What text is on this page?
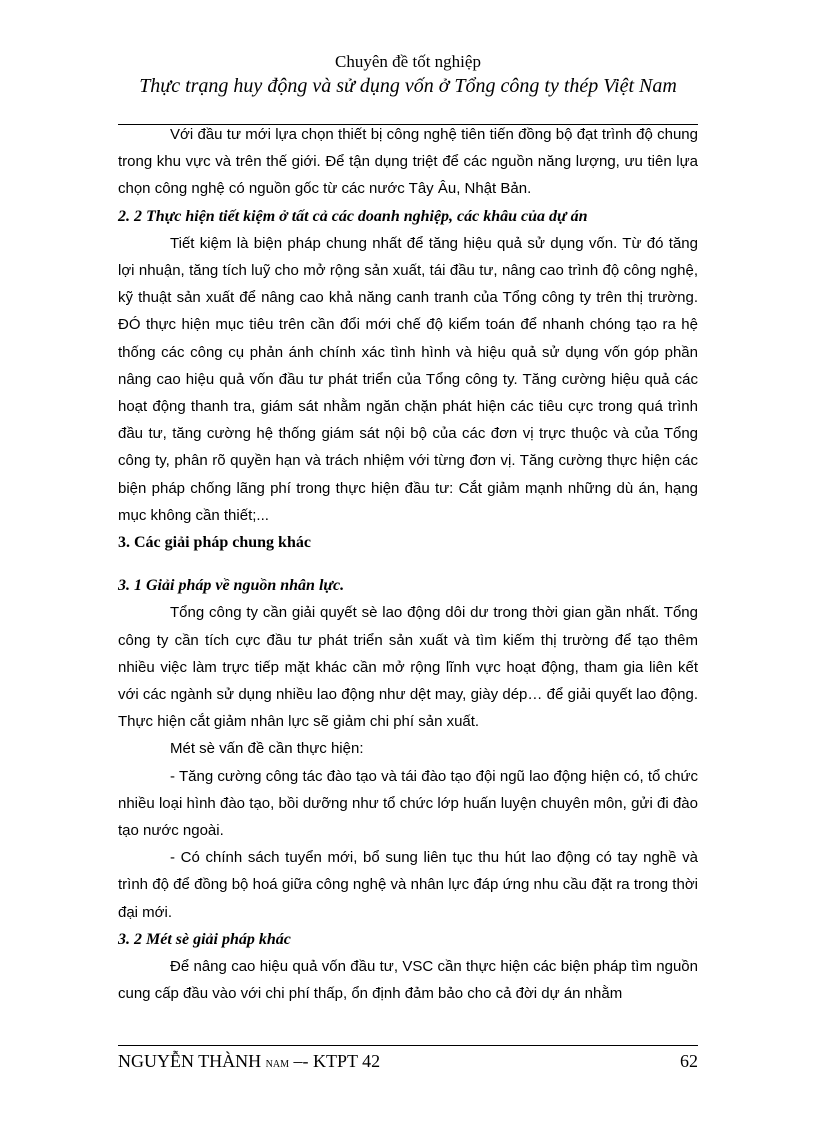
Chuyên đề tốt nghiệp
Thực trạng huy động và sử dụng vốn ở Tổng công ty thép Việt Nam

Với đầu tư mới lựa chọn thiết bị công nghệ tiên tiến đồng bộ đạt trình độ chung trong khu vực và trên thế giới. Để tận dụng triệt để các nguồn năng lượng, ưu tiên lựa chọn công nghệ có nguồn gốc từ các nước Tây Âu, Nhật Bản.

2. 2 Thực hiện tiết kiệm ở tất cả các doanh nghiệp, các khâu của dự án

Tiết kiệm là biện pháp chung nhất để tăng hiệu quả sử dụng vốn. Từ đó tăng lợi nhuận, tăng tích luỹ cho mở rộng sản xuất, tái đầu tư, nâng cao trình độ công nghệ, kỹ thuật sản xuất để nâng cao khả năng canh tranh của Tổng công ty trên thị trường. ĐÓ thực hiện mục tiêu trên cần đổi mới chế độ kiểm toán để nhanh chóng tạo ra hệ thống các công cụ phản ánh chính xác tình hình và hiệu quả sử dụng vốn góp phần nâng cao hiệu quả vốn đầu tư phát triển của Tổng công ty. Tăng cường hiệu quả các hoạt động thanh tra, giám sát nhằm ngăn chặn phát hiện các tiêu cực trong quá trình đầu tư, tăng cường hệ thống giám sát nội bộ của các đơn vị trực thuộc và của Tổng công ty, phân rõ quyền hạn và trách nhiệm với từng đơn vị. Tăng cường thực hiện các biện pháp chống lãng phí trong thực hiện đầu tư: Cắt giảm mạnh những dù án, hạng mục không cần thiết;...

3. Các giải pháp chung khác

3. 1 Giải pháp về nguồn nhân lực.

Tổng công ty cần giải quyết sè lao động dôi dư trong thời gian gần nhất. Tổng công ty cần tích cực đầu tư phát triển sản xuất và tìm kiếm thị trường để tạo thêm nhiều việc làm trực tiếp mặt khác cần mở rộng lĩnh vực hoạt động, tham gia liên kết với các ngành sử dụng nhiều lao động như dệt may, giày dép… để giải quyết lao động. Thực hiện cắt giảm nhân lực sẽ giảm chi phí sản xuất.

Mét sè vấn đề cần thực hiện:

- Tăng cường công tác đào tạo và tái đào tạo đội ngũ lao động hiện có, tổ chức nhiều loại hình đào tạo, bồi dưỡng như tổ chức lớp huấn luyện chuyên môn, gửi đi đào tạo nước ngoài.

- Có chính sách tuyển mới, bổ sung liên tục thu hút lao động có tay nghề và trình độ để đồng bộ hoá giữa công nghệ và nhân lực đáp ứng nhu cầu đặt ra trong thời đại mới.

3. 2 Mét sè giải pháp khác

Để nâng cao hiệu quả vốn đầu tư, VSC cần thực hiện các biện pháp tìm nguồn cung cấp đầu vào với chi phí thấp, ổn định đảm bảo cho cả đời dự án nhằm

NGUYỄN THÀNH NAM –- KTPT 42	62
